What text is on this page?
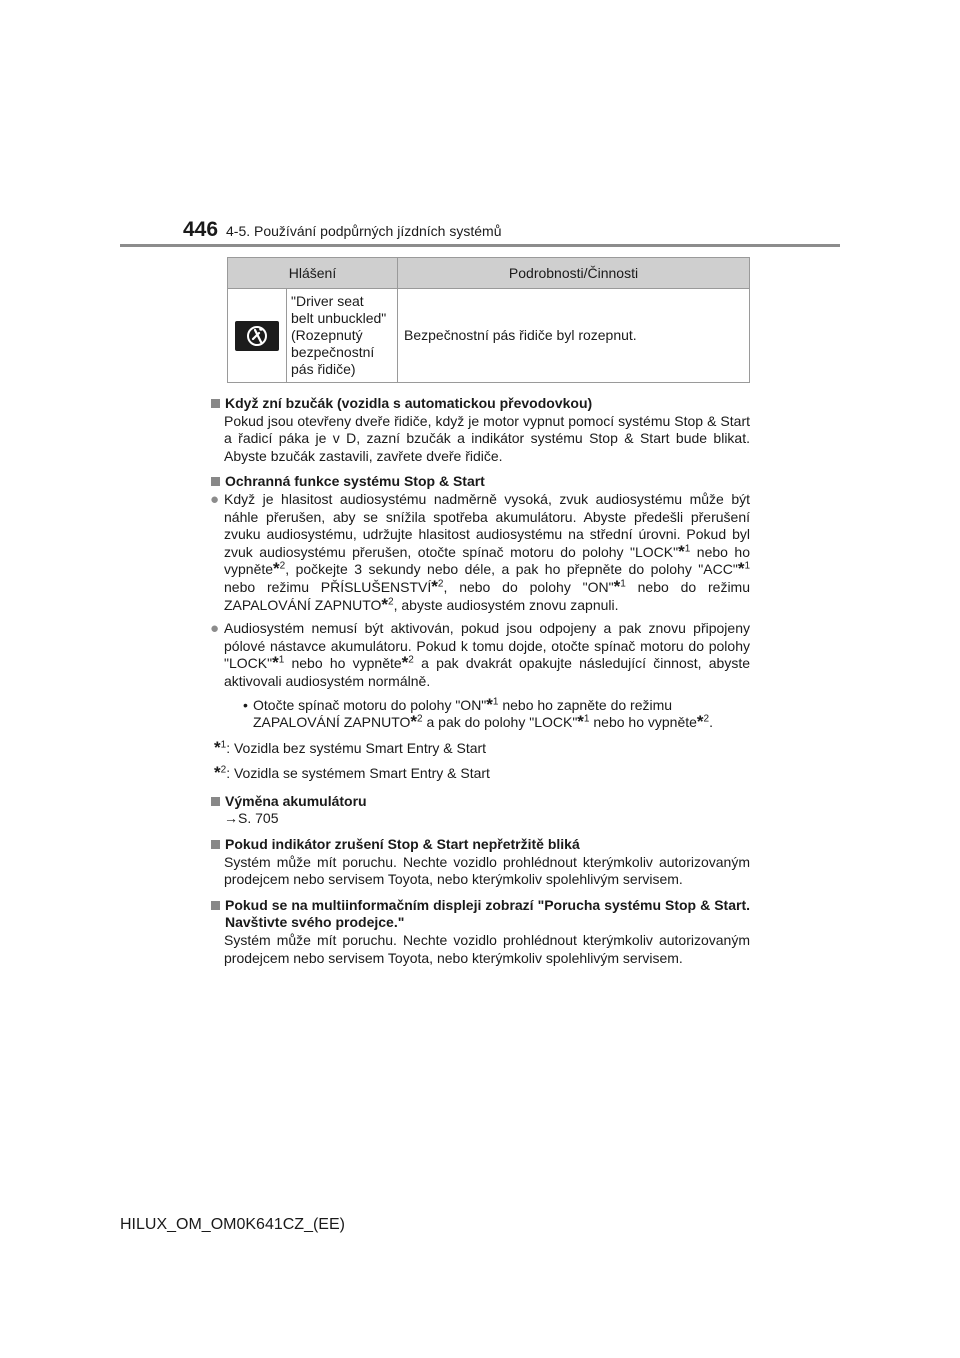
446 4-5. Používání podpůrných jízdních systémů
Hlášení		Podrobnosti/Činnosti

"Driver seat
belt unbuckled"
(Rozepnutý
bezpečnostní
pás řidiče)	Bezpečnostní pás řidiče byl rozepnut.
Když zní bzučák (vozidla s automatickou převodovkou)

Pokud jsou otevřeny dveře řidiče, když je motor vypnut pomocí systému Stop & Start a řadicí páka je v D, zazní bzučák a indikátor systému Stop & Start bude blikat. Abyste bzučák zastavili, zavřete dveře řidiče.

Ochranná funkce systému Stop & Start
● Když je hlasitost audiosystému nadměrně vysoká, zvuk audiosystému může být náhle přerušen, aby se snížila spotřeba akumulátoru. Abyste předešli přerušení zvuku audiosystému, udržujte hlasitost audiosystému na střední úrovni. Pokud byl zvuk audiosystému přerušen, otočte spínač motoru do polohy "LOCK"*$^1$ nebo ho vypněte*$^2$, počkejte 3 sekundy nebo déle, a pak ho přepněte do polohy "ACC"*$^1$ nebo režimu PŘÍSLUŠENSTVÍ*$^2$, nebo do polohy "ON"*$^1$ nebo do režimu ZAPALOVÁNÍ ZAPNUTO*$^2$, abyste audiosystém znovu zapnuli.
● Audiosystém nemusí být aktivován, pokud jsou odpojeny a pak znovu připojeny pólové nástavce akumulátoru. Pokud k tomu dojde, otočte spínač motoru do polohy "LOCK"*$^1$ nebo ho vypněte*$^2$ a pak dvakrát opakujte následující činnost, abyste aktivovali audiosystém normálně.
• Otočte spínač motoru do polohy "ON"*$^1$ nebo ho zapněte do režimu ZAPALOVÁNÍ ZAPNUTO*$^2$ a pak do polohy "LOCK"*$^1$ nebo ho vypněte*$^2$.

*$^1$: Vozidla bez systému Smart Entry & Start

*$^2$: Vozidla se systémem Smart Entry & Start

Výměna akumulátoru

→S. 705

Pokud indikátor zrušení Stop & Start nepřetržitě bliká

Systém může mít poruchu. Nechte vozidlo prohlédnout kterýmkoliv autorizovaným prodejcem nebo servisem Toyota, nebo kterýmkoliv spolehlivým servisem.

Pokud se na multiinformačním displeji zobrazí "Porucha systému Stop & Start. Navštivte svého prodejce."

Systém může mít poruchu. Nechte vozidlo prohlédnout kterýmkoliv autorizovaným prodejcem nebo servisem Toyota, nebo kterýmkoliv spolehlivým servisem.

HILUX_OM_OM0K641CZ_(EE)
